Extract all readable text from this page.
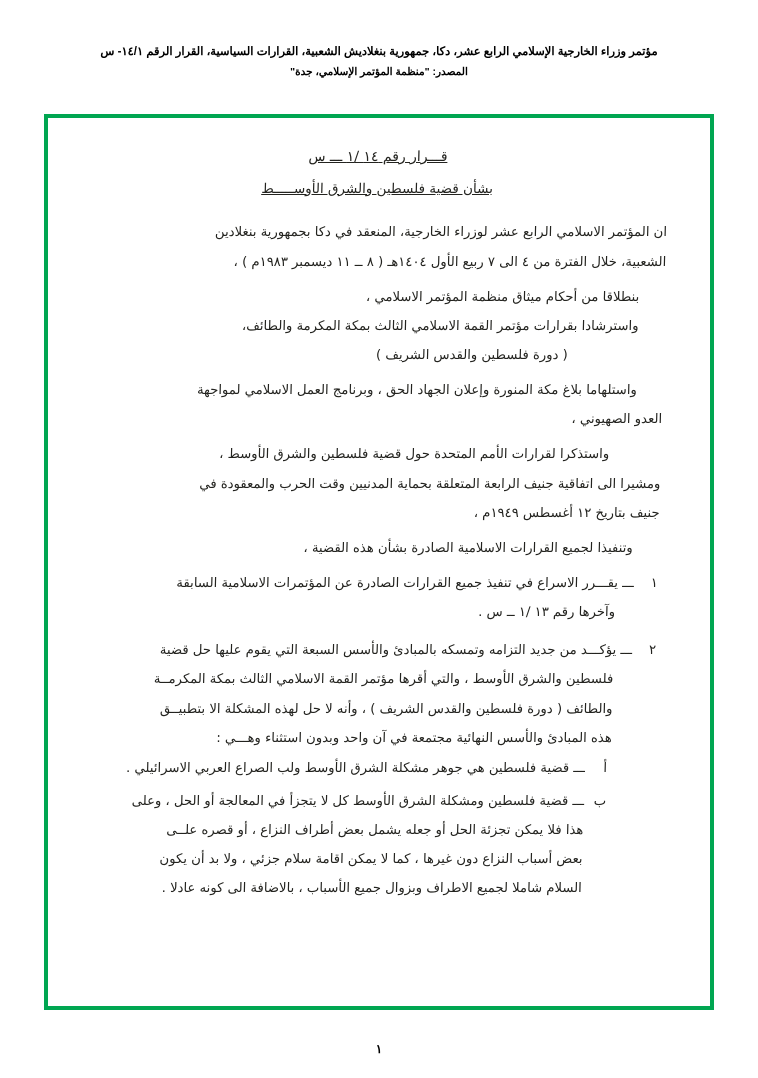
مؤتمر وزراء الخارجية الإسلامي الرابع عشر، دكا، جمهورية بنغلاديش الشعبية، القرارات السياسية، القرار الرقم ١٤/١- س
المصدر: "منظمة المؤتمر الإسلامي، جدة"
قـــرار رقم ١٤ /١ ـــ س
بشأن قضية فلسطين والشرق الأوســـــط
ان المؤتمر الاسلامي الرابع عشر لوزراء الخارجية، المنعقد في دكا بجمهورية بنغلادين
الشعبية، خلال الفترة من ٤ الى ٧ ربيع الأول ١٤٠٤هـ ( ٨ ــ ١١ ديسمبر ١٩٨٣م ) ،
بنطلاقا من أحكام ميثاق منظمة المؤتمر الاسلامي ،
واسترشادا بقرارات مؤتمر القمة الاسلامي الثالث بمكة المكرمة والطائف،
( دورة فلسطين والقدس الشريف )
واستلهاما بلاغ مكة المنورة وإعلان الجهاد الحق ، وبرنامج العمل الاسلامي لمواجهة
العدو الصهيوني ،
واستذكرا لقرارات الأمم المتحدة حول قضية فلسطين والشرق الأوسط ،
ومشيرا الى اتفاقية جنيف الرابعة المتعلقة بحماية المدنيين وقت الحرب والمعقودة في
جنيف بتاريخ ١٢ أغسطس ١٩٤٩م ،
وتنفيذا لجميع القرارات الاسلامية الصادرة بشأن هذه القضية ،
١
ـــ يقـــرر الاسراع في تنفيذ جميع القرارات الصادرة عن المؤتمرات الاسلامية السابقة
وآخرها رقم ١٣ /١ ــ س .
٢
ـــ يؤكـــد من جديد التزامه وتمسكه بالمبادئ والأسس السبعة التي يقوم عليها حل قضية
فلسطين والشرق الأوسط ، والتي أقرها مؤتمر القمة الاسلامي الثالث بمكة المكرمــة
والطائف ( دورة فلسطين والقدس الشريف ) ، وأنه لا حل لهذه المشكلة الا بتطبيــق
هذه المبادئ والأسس النهائية مجتمعة في آن واحد وبدون استثناء وهـــي :
أ
ـــ قضية فلسطين هي جوهر مشكلة الشرق الأوسط ولب الصراع العربي الاسرائيلي .
ب
ـــ قضية فلسطين ومشكلة الشرق الأوسط كل لا يتجزأ في المعالجة أو الحل ، وعلى
هذا فلا يمكن تجزئة الحل أو جعله يشمل بعض أطراف النزاع ، أو قصره علــى
بعض أسباب النزاع دون غيرها ، كما لا يمكن اقامة سلام جزئي ، ولا بد أن يكون
السلام شاملا لجميع الاطراف وبزوال جميع الأسباب ، بالاضافة الى كونه عادلا .
١
